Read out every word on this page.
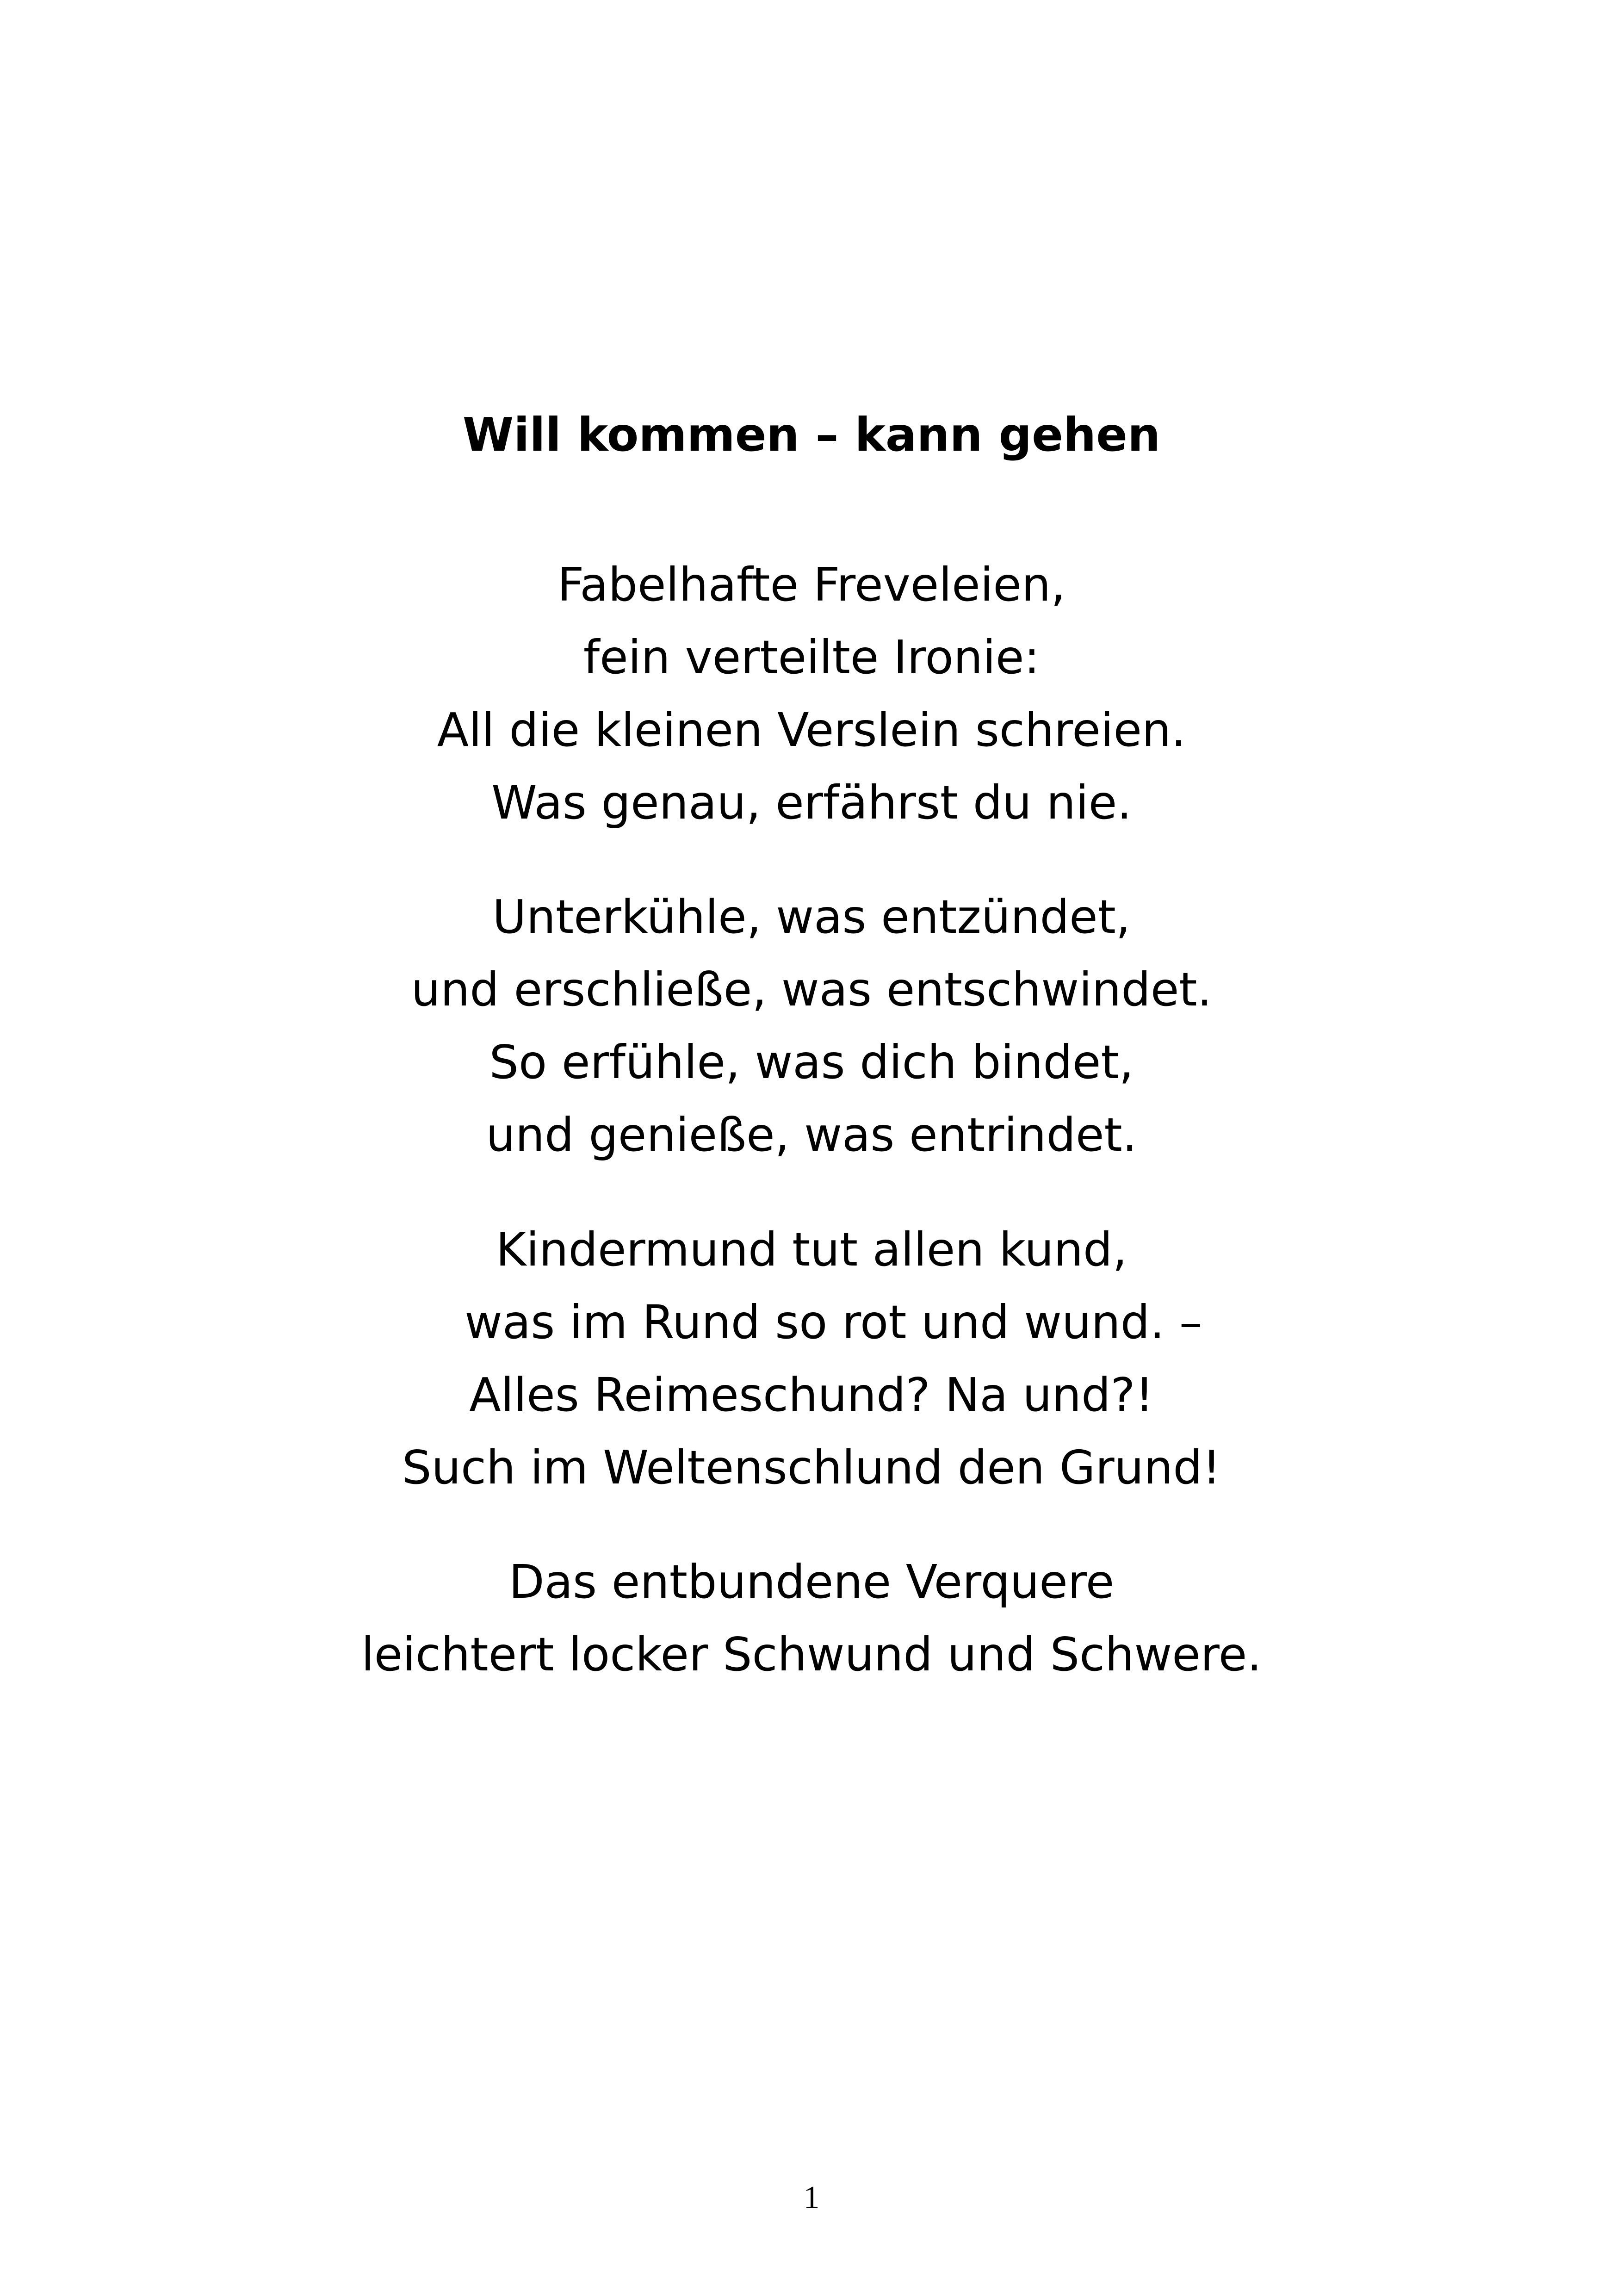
Will kommen – kann gehen
Fabelhafte Freveleien,
fein verteilte Ironie:
All die kleinen Verslein schreien.
Was genau, erfährst du nie.
Unterkühle, was entzündet,
und erschließe, was entschwindet.
So erfühle, was dich bindet,
und genieße, was entrindet.
Kindermund tut allen kund,
was im Rund so rot und wund. –
Alles Reimeschund? Na und?!
Such im Weltenschlund den Grund!
Das entbundene Verquere
leichtert locker Schwund und Schwere.
1
